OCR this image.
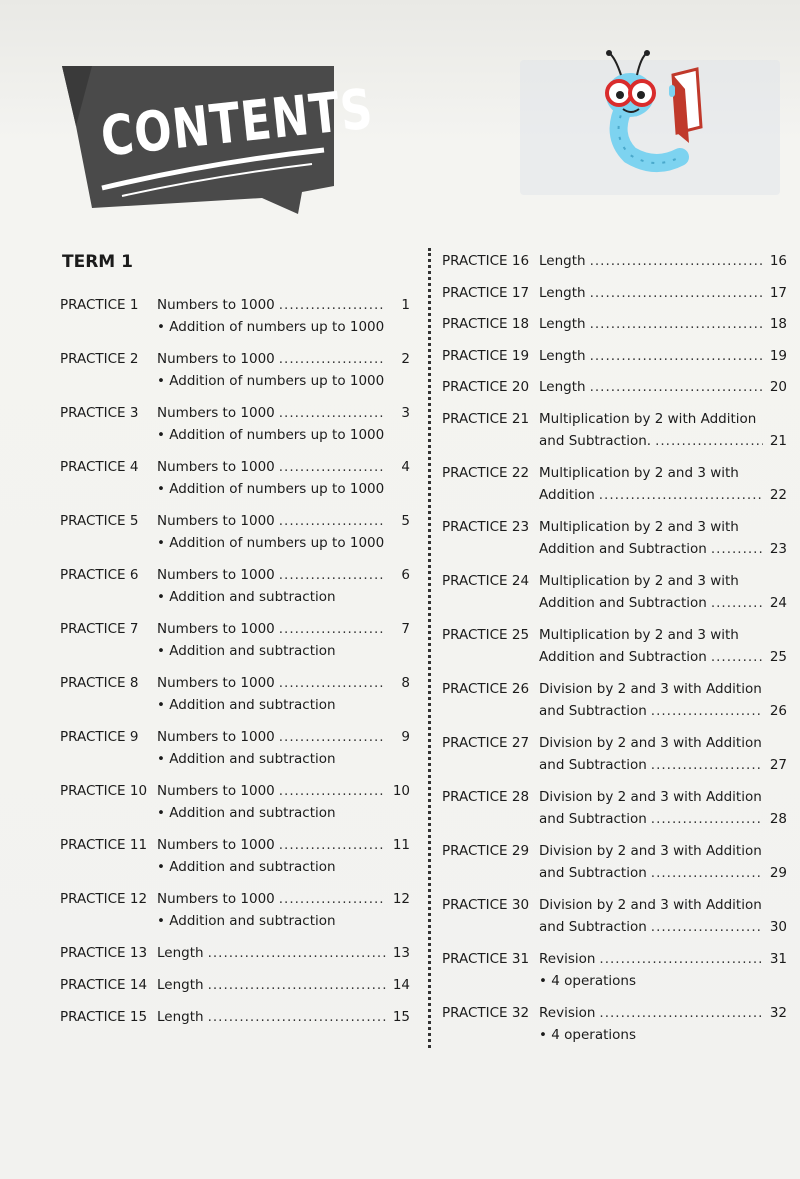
CONTENTS
TERM 1
PRACTICE 1 Numbers to 1000 .....	1
• Addition of numbers up to 1000
PRACTICE 2 Numbers to 1000 .....	2
• Addition of numbers up to 1000
PRACTICE 3 Numbers to 1000 .....	3
• Addition of numbers up to 1000
PRACTICE 4 Numbers to 1000 .....	4
• Addition of numbers up to 1000
PRACTICE 5 Numbers to 1000 .....	5
• Addition of numbers up to 1000
PRACTICE 6 Numbers to 1000 .....	6
• Addition and subtraction
PRACTICE 7 Numbers to 1000 .....	7
• Addition and subtraction
PRACTICE 8 Numbers to 1000 .....	8
• Addition and subtraction
PRACTICE 9 Numbers to 1000 .....	9
• Addition and subtraction
PRACTICE 10 Numbers to 1000 .....	10
• Addition and subtraction
PRACTICE 11 Numbers to 1000 .....	11
• Addition and subtraction
PRACTICE 12 Numbers to 1000 .....	12
• Addition and subtraction
PRACTICE 13 Length .....	13
PRACTICE 14 Length .....	14
PRACTICE 15 Length .....	15
PRACTICE 16 Length .....	16
PRACTICE 17 Length .....	17
PRACTICE 18 Length .....	18
PRACTICE 19 Length .....	19
PRACTICE 20 Length .....	20
PRACTICE 21 Multiplication by 2 with Addition
and Subtraction. .....	21
PRACTICE 22 Multiplication by 2 and 3 with
Addition .....	22
PRACTICE 23 Multiplication by 2 and 3 with
Addition and Subtraction .....	23
PRACTICE 24 Multiplication by 2 and 3 with
Addition and Subtraction .....	24
PRACTICE 25 Multiplication by 2 and 3 with
Addition and Subtraction .....	25
PRACTICE 26 Division by 2 and 3 with Addition
and Subtraction .....	26
PRACTICE 27 Division by 2 and 3 with Addition
and Subtraction .....	27
PRACTICE 28 Division by 2 and 3 with Addition
and Subtraction .....	28
PRACTICE 29 Division by 2 and 3 with Addition
and Subtraction .....	29
PRACTICE 30 Division by 2 and 3 with Addition
and Subtraction .....	30
PRACTICE 31 Revision .....	31
• 4 operations
PRACTICE 32 Revision .....	32
• 4 operations
